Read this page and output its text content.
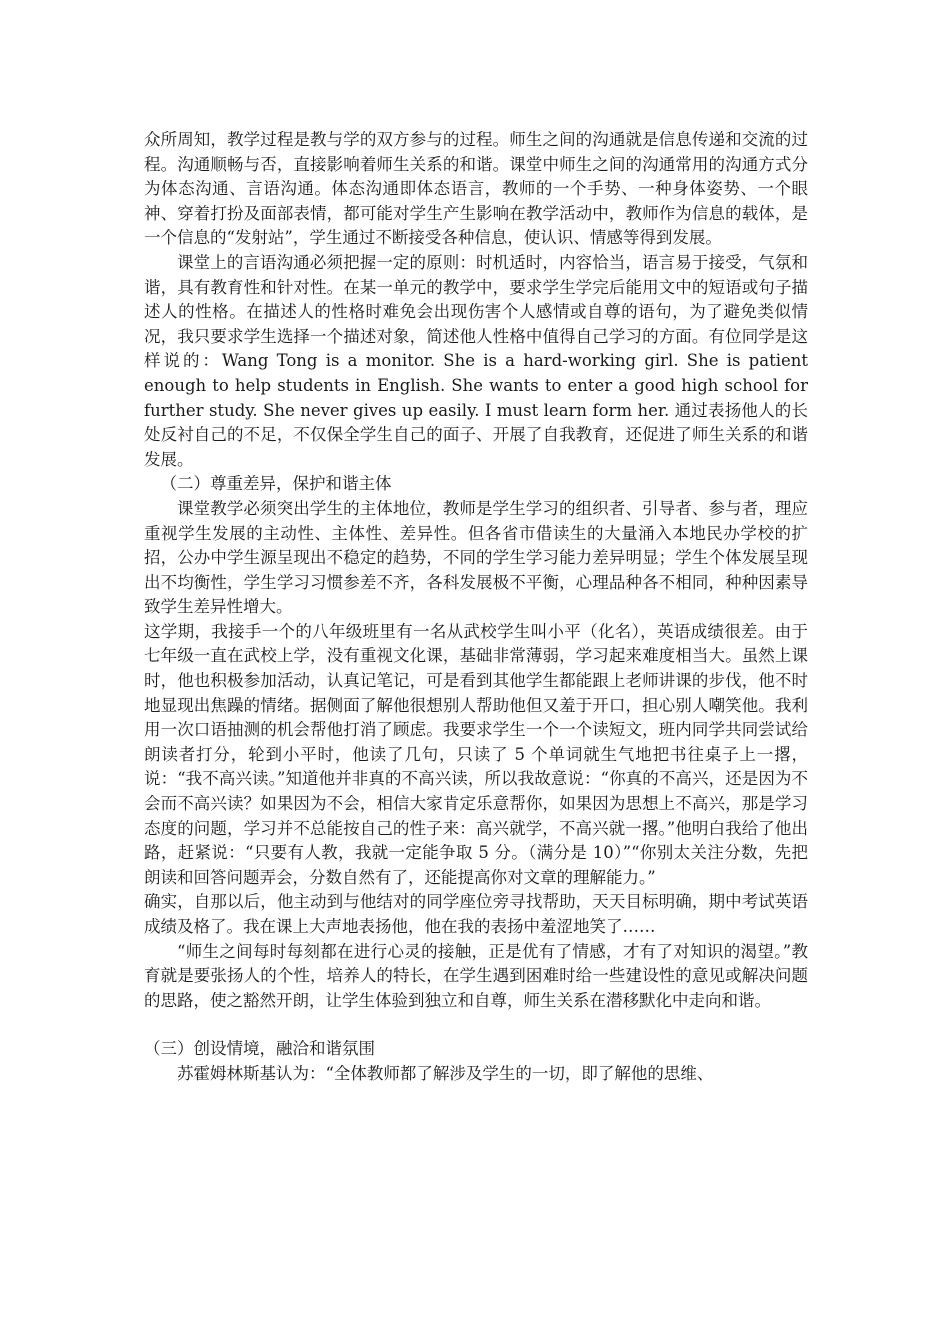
众所周知，教学过程是教与学的双方参与的过程。师生之间的沟通就是信息传递和交流的过程。沟通顺畅与否，直接影响着师生关系的和谐。课堂中师生之间的沟通常用的沟通方式分为体态沟通、言语沟通。体态沟通即体态语言，教师的一个手势、一种身体姿势、一个眼神、穿着打扮及面部表情，都可能对学生产生影响在教学活动中，教师作为信息的载体，是一个信息的“发射站”，学生通过不断接受各种信息，使认识、情感等得到发展。

课堂上的言语沟通必须把握一定的原则：时机适时，内容恰当，语言易于接受，气氛和谐，具有教育性和针对性。在某一单元的教学中，要求学生学完后能用文中的短语或句子描述人的性格。在描述人的性格时难免会出现伤害个人感情或自尊的语句，为了避免类似情况，我只要求学生选择一个描述对象，简述他人性格中值得自己学习的方面。有位同学是这样说的：Wang Tong is a monitor. She is a hard-working girl. She is patient enough to help students in English. She wants to enter a good high school for further study. She never gives up easily. I must learn form her. 通过表扬他人的长处反衬自己的不足，不仅保全学生自己的面子、开展了自我教育，还促进了师生关系的和谐发展。

（二）尊重差异，保护和谐主体

课堂教学必须突出学生的主体地位，教师是学生学习的组织者、引导者、参与者，理应重视学生发展的主动性、主体性、差异性。但各省市借读生的大量涌入本地民办学校的扩招，公办中学生源呈现出不稳定的趋势，不同的学生学习能力差异明显；学生个体发展呈现出不均衡性，学生学习习惯参差不齐，各科发展极不平衡，心理品种各不相同，种种因素导致学生差异性增大。

这学期，我接手一个的八年级班里有一名从武校学生叫小平（化名），英语成绩很差。由于七年级一直在武校上学，没有重视文化课，基础非常薄弱，学习起来难度相当大。虽然上课时，他也积极参加活动，认真记笔记，可是看到其他学生都能跟上老师讲课的步伐，他不时地显现出焦躁的情绪。据侧面了解他很想别人帮助他但又羞于开口，担心别人嘲笑他。我利用一次口语抽测的机会帮他打消了顾虑。我要求学生一个一个读短文，班内同学共同尝试给朗读者打分，轮到小平时，他读了几句，只读了 5 个单词就生气地把书往桌子上一撂，说：“我不高兴读。”知道他并非真的不高兴读，所以我故意说：“你真的不高兴，还是因为不会而不高兴读？如果因为不会，相信大家肯定乐意帮你，如果因为思想上不高兴，那是学习态度的问题，学习并不总能按自己的性子来：高兴就学，不高兴就一撂。”他明白我给了他出路，赶紧说：“只要有人教，我就一定能争取 5 分。（满分是 10）”“你别太关注分数，先把朗读和回答问题弄会，分数自然有了，还能提高你对文章的理解能力。”

确实，自那以后，他主动到与他结对的同学座位旁寻找帮助，天天目标明确，期中考试英语成绩及格了。我在课上大声地表扬他，他在我的表扬中羞涩地笑了……

“师生之间每时每刻都在进行心灵的接触，正是优有了情感，才有了对知识的渴望。”教育就是要张扬人的个性，培养人的特长，在学生遇到困难时给一些建设性的意见或解决问题的思路，使之豁然开朗，让学生体验到独立和自尊，师生关系在潜移默化中走向和谐。

（三）创设情境，融洽和谐氛围

苏霍姆林斯基认为：“全体教师都了解涉及学生的一切，即了解他的思维、
